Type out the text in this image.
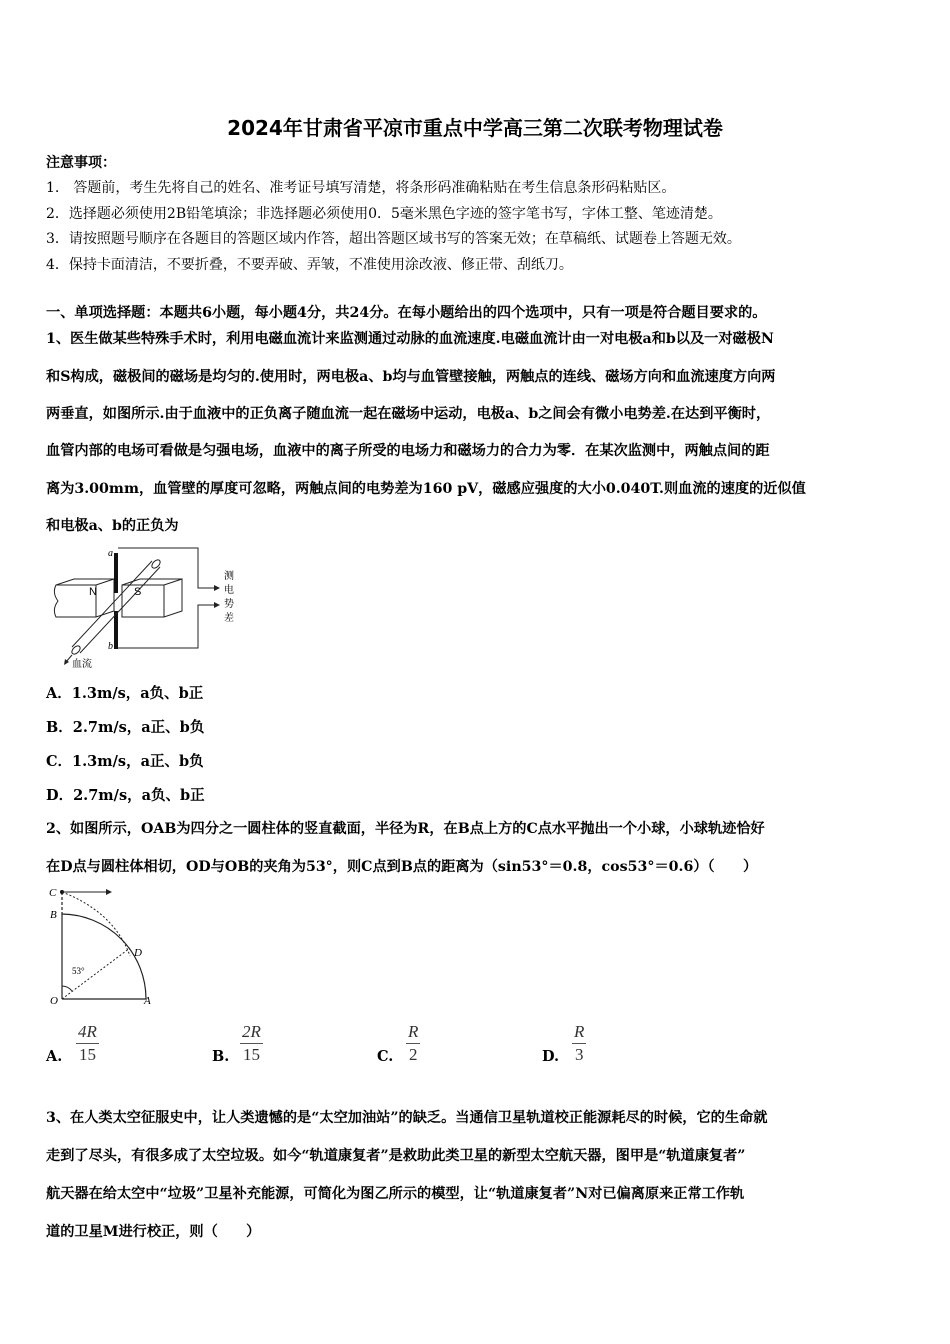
2024年甘肃省平凉市重点中学高三第二次联考物理试卷
注意事项：
1.　答题前，考生先将自己的姓名、准考证号填写清楚，将条形码准确粘贴在考生信息条形码粘贴区。
2．选择题必须使用2B铅笔填涂；非选择题必须使用0．5毫米黑色字迹的签字笔书写，字体工整、笔迹清楚。
3．请按照题号顺序在各题目的答题区域内作答，超出答题区域书写的答案无效；在草稿纸、试题卷上答题无效。
4．保持卡面清洁，不要折叠，不要弄破、弄皱，不准使用涂改液、修正带、刮纸刀。
一、单项选择题：本题共6小题，每小题4分，共24分。在每小题给出的四个选项中，只有一项是符合题目要求的。
1、医生做某些特殊手术时，利用电磁血流计来监测通过动脉的血流速度.电磁血流计由一对电极a和b以及一对磁极N
和S构成，磁极间的磁场是均匀的.使用时，两电极a、b均与血管壁接触，两触点的连线、磁场方向和血流速度方向两
两垂直，如图所示.由于血液中的正负离子随血流一起在磁场中运动，电极a、b之间会有微小电势差.在达到平衡时，
血管内部的电场可看做是匀强电场，血液中的离子所受的电场力和磁场力的合力为零．在某次监测中，两触点间的距
离为3.00mm，血管壁的厚度可忽略，两触点间的电势差为160 pV，磁感应强度的大小0.040T.则血流的速度的近似值
和电极a、b的正负为
a
b
N	S
血流
测
电
势
差
A．1.3m/s，a负、b正
B．2.7m/s，a正、b负
C．1.3m/s，a正、b负
D．2.7m/s，a负、b正
2、如图所示，OAB为四分之一圆柱体的竖直截面，半径为R，在B点上方的C点水平抛出一个小球，小球轨迹恰好
在D点与圆柱体相切，OD与OB的夹角为53°，则C点到B点的距离为（sin53°＝0.8，cos53°＝0.6）（　　）
C
B
D
O	A
53°
A.
4R
15	B.
2R
15	C.
R
2	D.
R
3
3、在人类太空征服史中，让人类遗憾的是“太空加油站”的缺乏。当通信卫星轨道校正能源耗尽的时候，它的生命就
走到了尽头，有很多成了太空垃圾。如今“轨道康复者”是救助此类卫星的新型太空航天器，图甲是“轨道康复者”
航天器在给太空中“垃圾”卫星补充能源，可简化为图乙所示的模型，让“轨道康复者”N对已偏离原来正常工作轨
道的卫星M进行校正，则（　　）
